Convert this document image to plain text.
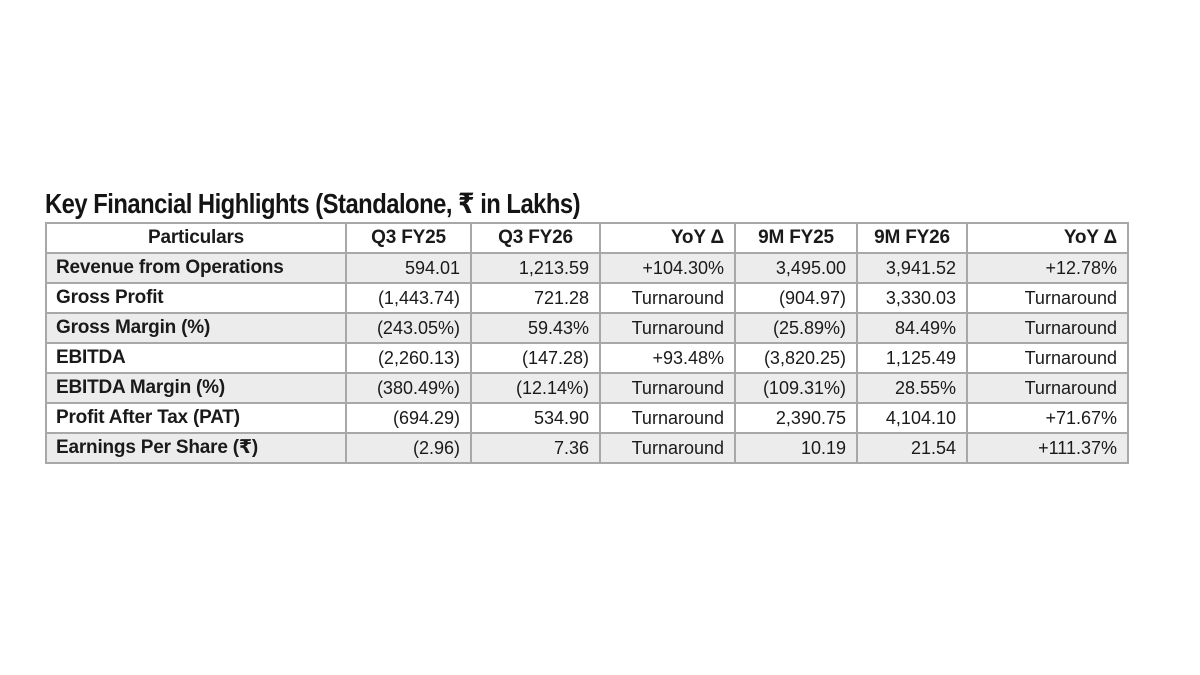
Key Financial Highlights (Standalone, ₹ in Lakhs)
Particulars	Q3 FY25	Q3 FY26	YoY Δ	9M FY25	9M FY26	YoY Δ
Revenue from Operations	594.01	1,213.59	+104.30%	3,495.00	3,941.52	+12.78%
Gross Profit	(1,443.74)	721.28	Turnaround	(904.97)	3,330.03	Turnaround
Gross Margin (%)	(243.05%)	59.43%	Turnaround	(25.89%)	84.49%	Turnaround
EBITDA	(2,260.13)	(147.28)	+93.48%	(3,820.25)	1,125.49	Turnaround
EBITDA Margin (%)	(380.49%)	(12.14%)	Turnaround	(109.31%)	28.55%	Turnaround
Profit After Tax (PAT)	(694.29)	534.90	Turnaround	2,390.75	4,104.10	+71.67%
Earnings Per Share (₹)	(2.96)	7.36	Turnaround	10.19	21.54	+111.37%
